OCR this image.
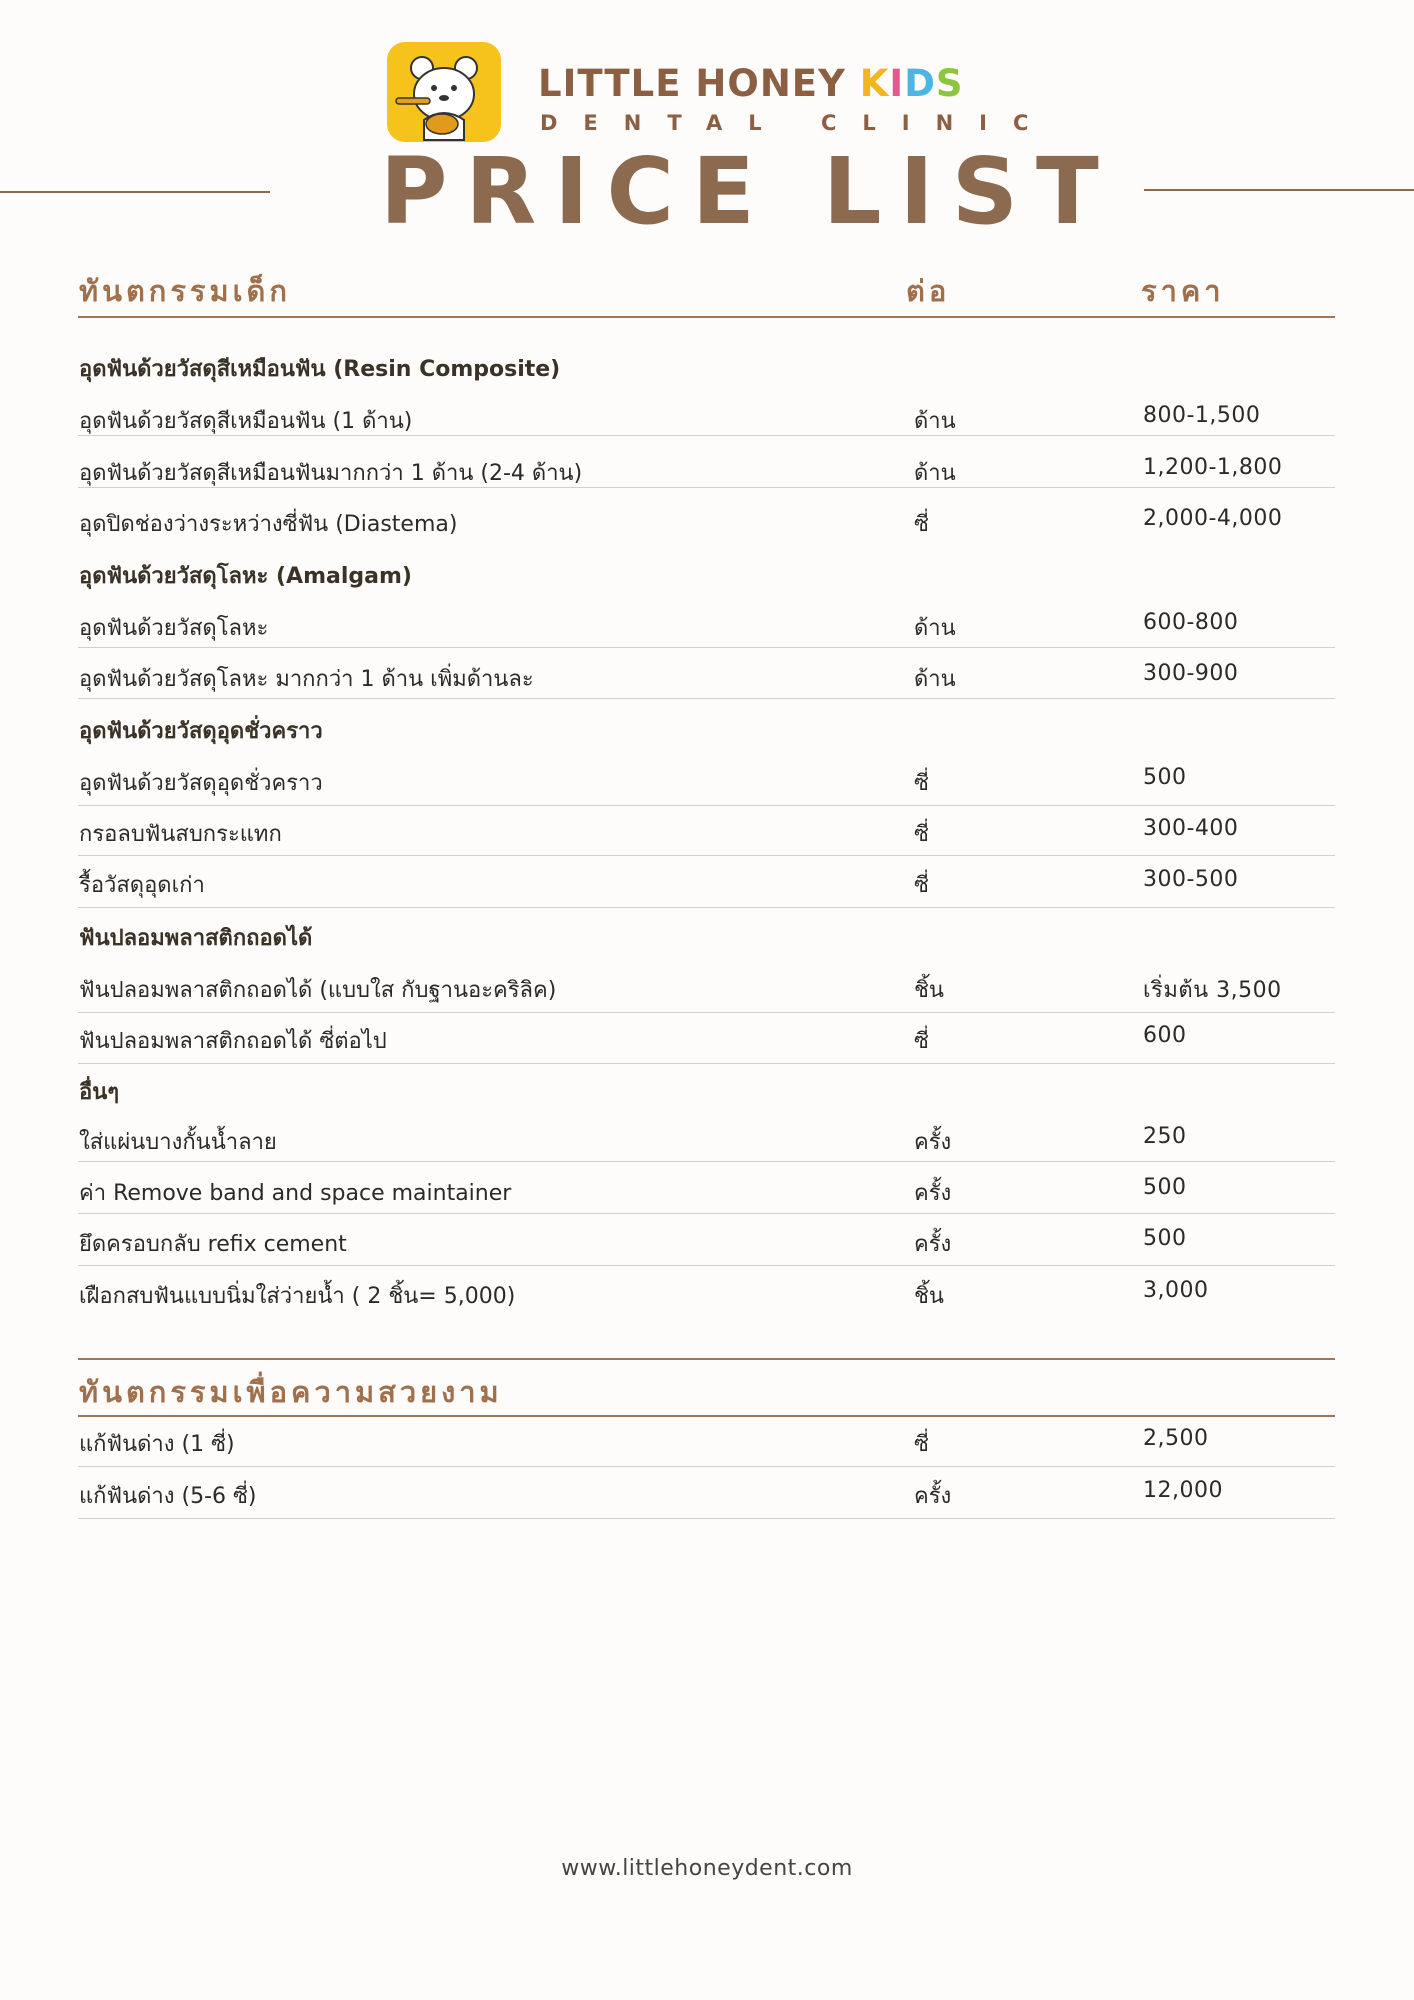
LITTLE HONEY KIDS
DENTAL CLINIC
PRICE LIST
ทันตกรรมเด็ก	ต่อ	ราคา
อุดฟันด้วยวัสดุสีเหมือนฟัน (Resin Composite)
อุดฟันด้วยวัสดุสีเหมือนฟัน (1 ด้าน)	ด้าน	800-1,500
อุดฟันด้วยวัสดุสีเหมือนฟันมากกว่า 1 ด้าน (2-4 ด้าน)	ด้าน	1,200-1,800
อุดปิดช่องว่างระหว่างซี่ฟัน (Diastema)	ซี่	2,000-4,000
อุดฟันด้วยวัสดุโลหะ (Amalgam)
อุดฟันด้วยวัสดุโลหะ	ด้าน	600-800
อุดฟันด้วยวัสดุโลหะ มากกว่า 1 ด้าน เพิ่มด้านละ	ด้าน	300-900
อุดฟันด้วยวัสดุอุดชั่วคราว
อุดฟันด้วยวัสดุอุดชั่วคราว	ซี่	500
กรอลบฟันสบกระแทก	ซี่	300-400
รื้อวัสดุอุดเก่า	ซี่	300-500
ฟันปลอมพลาสติกถอดได้
ฟันปลอมพลาสติกถอดได้ (แบบใส กับฐานอะคริลิค)	ชิ้น	เริ่มต้น 3,500
ฟันปลอมพลาสติกถอดได้ ซี่ต่อไป	ซี่	600
อื่นๆ
ใส่แผ่นบางกั้นน้ำลาย	ครั้ง	250
ค่า Remove band and space maintainer	ครั้ง	500
ยึดครอบกลับ refix cement	ครั้ง	500
เฝือกสบฟันแบบนิ่มใส่ว่ายน้ำ ( 2 ชิ้น= 5,000)	ชิ้น	3,000
ทันตกรรมเพื่อความสวยงาม
แก้ฟันด่าง (1 ซี่)	ซี่	2,500
แก้ฟันด่าง (5-6 ซี่)	ครั้ง	12,000
www.littlehoneydent.com
